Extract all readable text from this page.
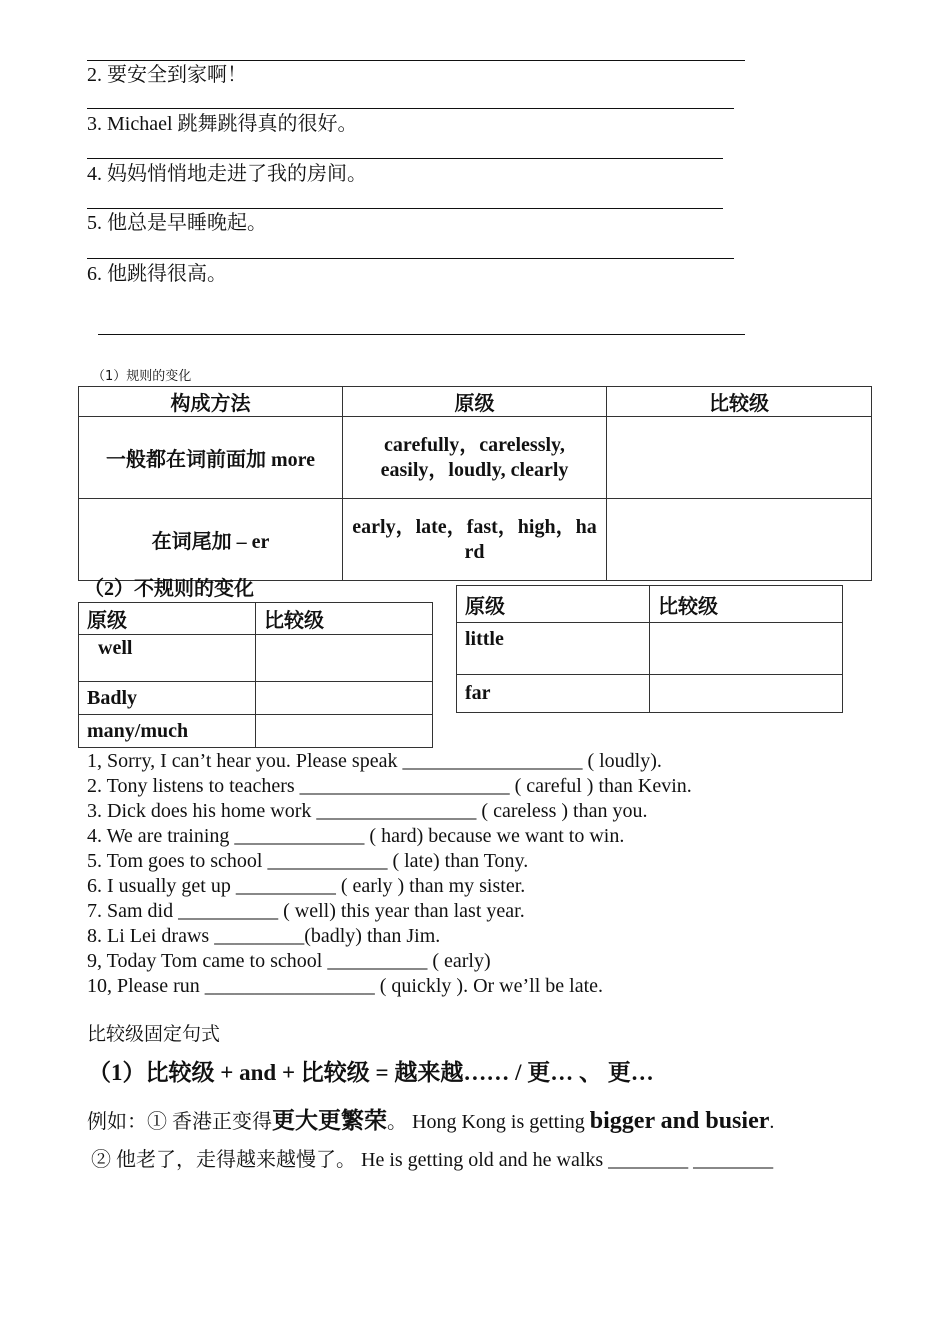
2. 要安全到家啊！
3. Michael 跳舞跳得真的很好。
4. 妈妈悄悄地走进了我的房间。
5. 他总是早睡晚起。
6. 他跳得很高。
（1）规则的变化
构成方法	原级	比较级
一般都在词前面加 more	carefully，carelessly, easily，loudly, clearly	
在词尾加 – er	early，late，fast，high，hard	
（2）不规则的变化
原级	比较级
well	
Badly	
many/much	
原级	比较级
little	
far	
1, Sorry, I can’t hear you. Please speak __________________ ( loudly).
2. Tony listens to teachers _____________________ ( careful ) than Kevin.
3. Dick does his home work ________________ ( careless ) than you.
4. We are training _____________ ( hard) because we want to win.
5. Tom goes to school ____________ ( late) than Tony.
6. I usually get up __________ ( early ) than my sister.
7. Sam did __________ ( well) this year than last year.
8. Li Lei draws _________(badly) than Jim.
9, Today Tom came to school __________ ( early)
10, Please run _________________ ( quickly ). Or we’ll be late.
比较级固定句式
（1）比较级 + and + 比较级 = 越来越…… / 更… 、 更…
例如：① 香港正变得更大更繁荣。 Hong Kong is getting bigger and busier.
② 他老了，走得越来越慢了。 He is getting old and he walks ________ ________
